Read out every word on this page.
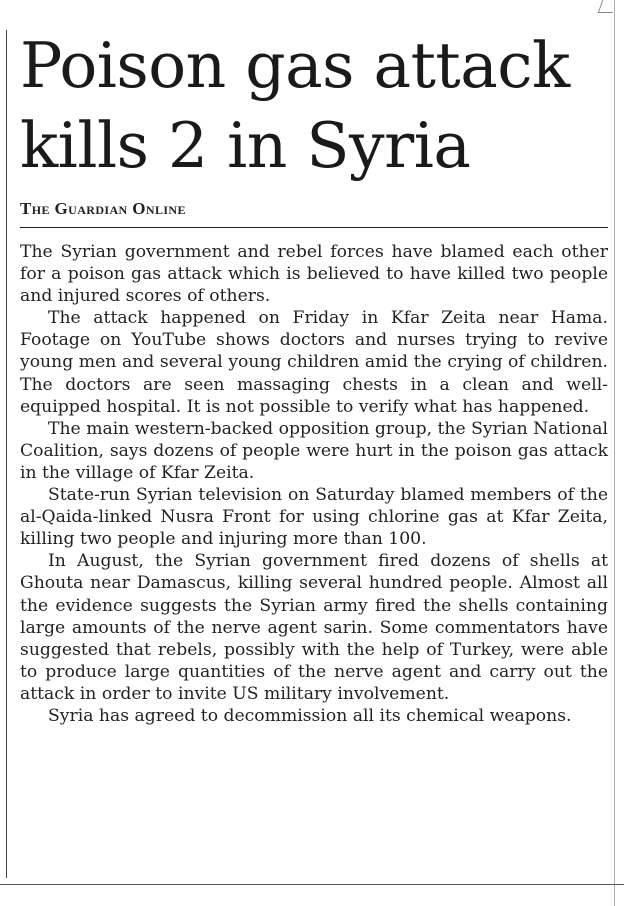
Poison gas attack kills 2 in Syria
The Guardian Online

The Syrian government and rebel forces have blamed each other for a poison gas attack which is believed to have killed two people and injured scores of others.

The attack happened on Friday in Kfar Zeita near Hama. Footage on YouTube shows doctors and nurses trying to revive young men and several young children amid the crying of children. The doctors are seen massaging chests in a clean and well-equipped hospital. It is not possible to verify what has happened.

The main western-backed opposition group, the Syrian National Coalition, says dozens of people were hurt in the poison gas attack in the village of Kfar Zeita.

State-run Syrian television on Saturday blamed members of the al-Qaida-linked Nusra Front for using chlorine gas at Kfar Zeita, killing two people and injuring more than 100.

In August, the Syrian government fired dozens of shells at Ghouta near Damascus, killing several hundred people. Almost all the evidence suggests the Syrian army fired the shells containing large amounts of the nerve agent sarin. Some commentators have suggested that rebels, possibly with the help of Turkey, were able to produce large quantities of the nerve agent and carry out the attack in order to invite US military involvement.

Syria has agreed to decommission all its chemical weapons.
